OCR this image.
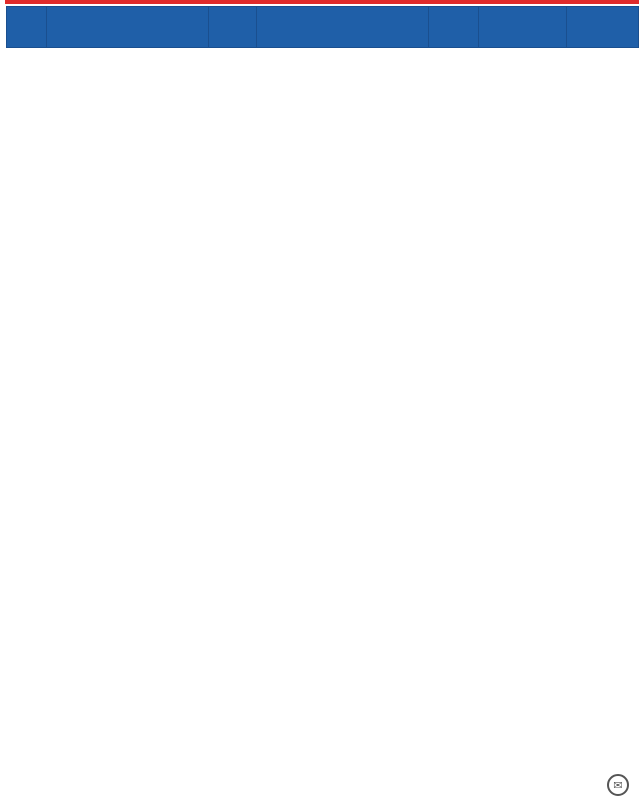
✉
